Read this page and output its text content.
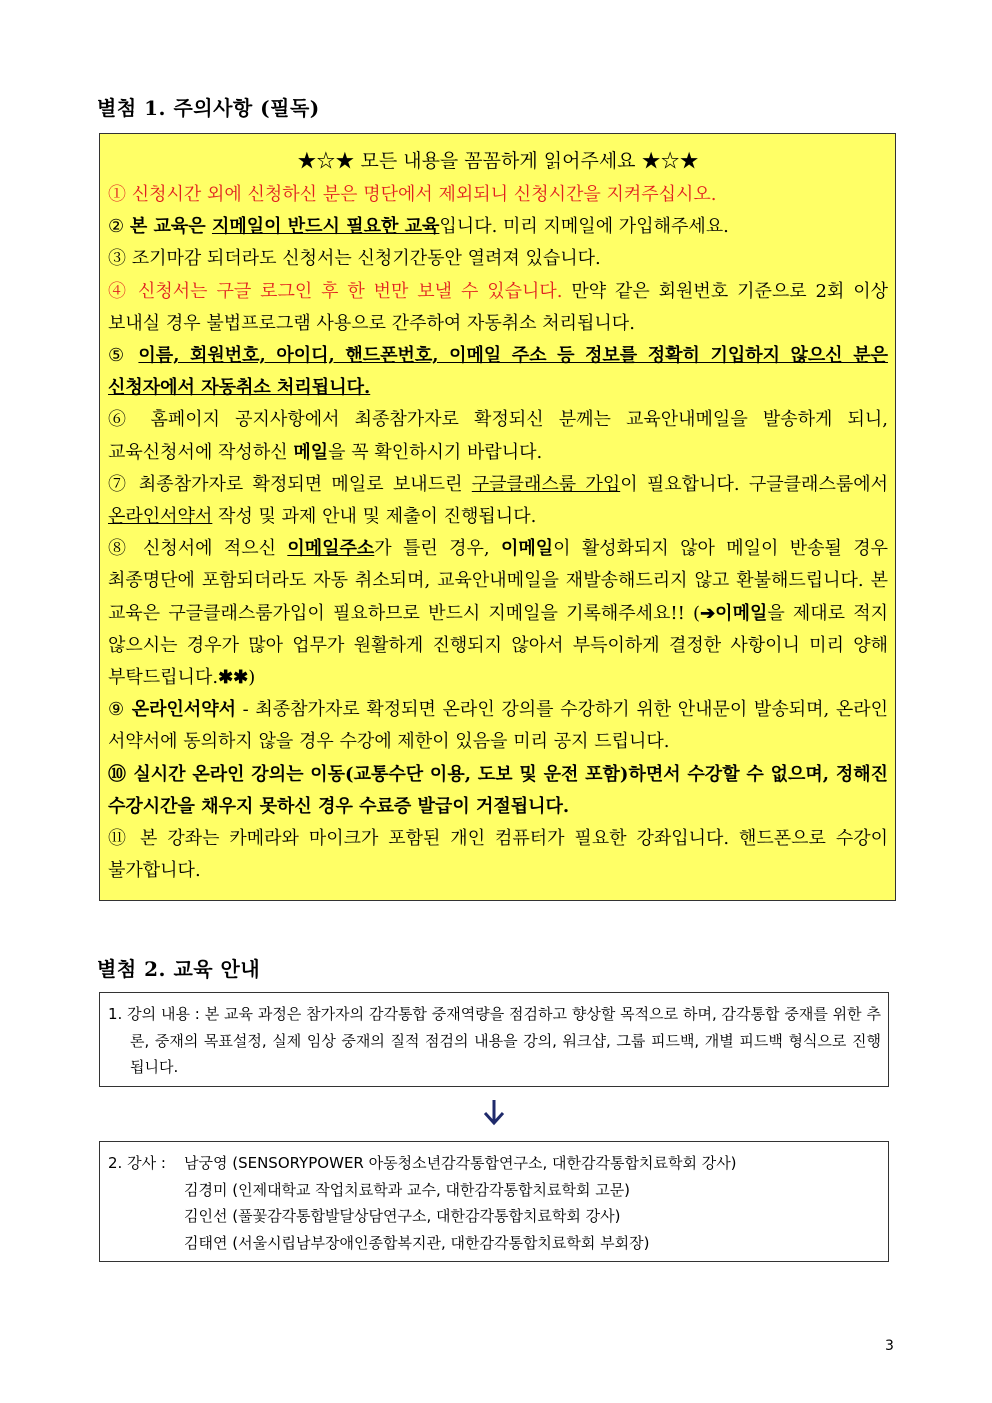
별첨 1. 주의사항 (필독)
★☆★ 모든 내용을 꼼꼼하게 읽어주세요 ★☆★
① 신청시간 외에 신청하신 분은 명단에서 제외되니 신청시간을 지켜주십시오.
② 본 교육은 지메일이 반드시 필요한 교육입니다. 미리 지메일에 가입해주세요.
③ 조기마감 되더라도 신청서는 신청기간동안 열려져 있습니다.
④ 신청서는 구글 로그인 후 한 번만 보낼 수 있습니다. 만약 같은 회원번호 기준으로 2회 이상 보내실 경우 불법프로그램 사용으로 간주하여 자동취소 처리됩니다.
⑤ 이름, 회원번호, 아이디, 핸드폰번호, 이메일 주소 등 정보를 정확히 기입하지 않으신 분은 신청자에서 자동취소 처리됩니다.
⑥ 홈페이지 공지사항에서 최종참가자로 확정되신 분께는 교육안내메일을 발송하게 되니, 교육신청서에 작성하신 메일을 꼭 확인하시기 바랍니다.
⑦ 최종참가자로 확정되면 메일로 보내드린 구글클래스룸 가입이 필요합니다. 구글클래스룸에서 온라인서약서 작성 및 과제 안내 및 제출이 진행됩니다.
⑧ 신청서에 적으신 이메일주소가 틀린 경우, 이메일이 활성화되지 않아 메일이 반송될 경우 최종명단에 포함되더라도 자동 취소되며, 교육안내메일을 재발송해드리지 않고 환불해드립니다. 본 교육은 구글클래스룸가입이 필요하므로 반드시 지메일을 기록해주세요!! (➔이메일을 제대로 적지 않으시는 경우가 많아 업무가 원활하게 진행되지 않아서 부득이하게 결정한 사항이니 미리 양해 부탁드립니다.✱✱)
⑨ 온라인서약서 - 최종참가자로 확정되면 온라인 강의를 수강하기 위한 안내문이 발송되며, 온라인 서약서에 동의하지 않을 경우 수강에 제한이 있음을 미리 공지 드립니다.
⑩ 실시간 온라인 강의는 이동(교통수단 이용, 도보 및 운전 포함)하면서 수강할 수 없으며, 정해진 수강시간을 채우지 못하신 경우 수료증 발급이 거절됩니다.
⑪ 본 강좌는 카메라와 마이크가 포함된 개인 컴퓨터가 필요한 강좌입니다. 핸드폰으로 수강이 불가합니다.
별첨 2. 교육 안내
1. 강의 내용 : 본 교육 과정은 참가자의 감각통합 중재역량을 점검하고 향상할 목적으로 하며, 감각통합 중재를 위한 추론, 중재의 목표설정, 실제 임상 중재의 질적 점검의 내용을 강의, 워크샵, 그룹 피드백, 개별 피드백 형식으로 진행됩니다.
2. 강사 : 남궁영 (SENSORYPOWER 아동청소년감각통합연구소, 대한감각통합치료학회 강사)
김경미 (인제대학교 작업치료학과 교수, 대한감각통합치료학회 고문)
김인선 (풀꽃감각통합발달상담연구소, 대한감각통합치료학회 강사)
김태연 (서울시립남부장애인종합복지관, 대한감각통합치료학회 부회장)
3
